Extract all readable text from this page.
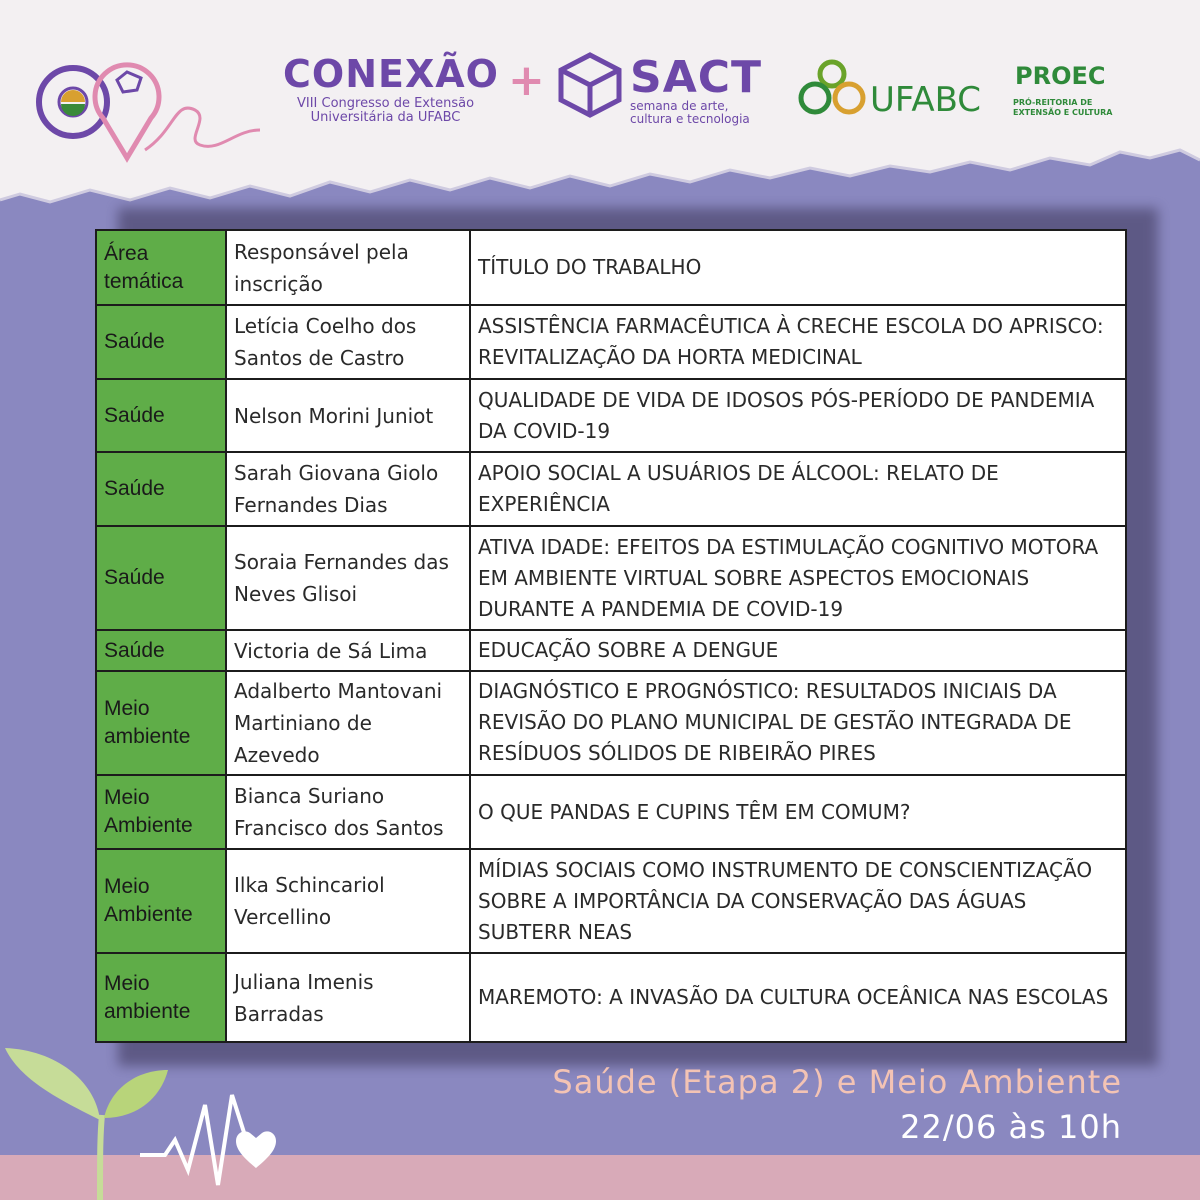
CONEXÃO
VIII Congresso de Extensão
Universitária da UFABC
+ SACT
semana de arte,
cultura e tecnologia	UFABC
PROEC
PRÓ-REITORIA DE
EXTENSÃO E CULTURA
Área temática	Responsável pela inscrição	TÍTULO DO TRABALHO
Saúde	Letícia Coelho dos Santos de Castro	ASSISTÊNCIA FARMACÊUTICA À CRECHE ESCOLA DO APRISCO: REVITALIZAÇÃO DA HORTA MEDICINAL
Saúde	Nelson Morini Juniot	QUALIDADE DE VIDA DE IDOSOS PÓS-PERÍODO DE PANDEMIA DA COVID-19
Saúde	Sarah Giovana Giolo Fernandes Dias	APOIO SOCIAL A USUÁRIOS DE ÁLCOOL: RELATO DE EXPERIÊNCIA
Saúde	Soraia Fernandes das Neves Glisoi	ATIVA IDADE: EFEITOS DA ESTIMULAÇÃO COGNITIVO MOTORA EM AMBIENTE VIRTUAL SOBRE ASPECTOS EMOCIONAIS DURANTE A PANDEMIA DE COVID-19
Saúde	Victoria de Sá Lima	EDUCAÇÃO SOBRE A DENGUE
Meio ambiente	Adalberto Mantovani Martiniano de Azevedo	DIAGNÓSTICO E PROGNÓSTICO: RESULTADOS INICIAIS DA REVISÃO DO PLANO MUNICIPAL DE GESTÃO INTEGRADA DE RESÍDUOS SÓLIDOS DE RIBEIRÃO PIRES
Meio Ambiente	Bianca Suriano Francisco dos Santos	O QUE PANDAS E CUPINS TÊM EM COMUM?
Meio Ambiente	Ilka Schincariol Vercellino	MÍDIAS SOCIAIS COMO INSTRUMENTO DE CONSCIENTIZAÇÃO SOBRE A IMPORTÂNCIA DA CONSERVAÇÃO DAS ÁGUAS SUBTERR NEAS
Meio ambiente	Juliana Imenis Barradas	MAREMOTO: A INVASÃO DA CULTURA OCEÂNICA NAS ESCOLAS
Saúde (Etapa 2) e Meio Ambiente
22/06 às 10h
